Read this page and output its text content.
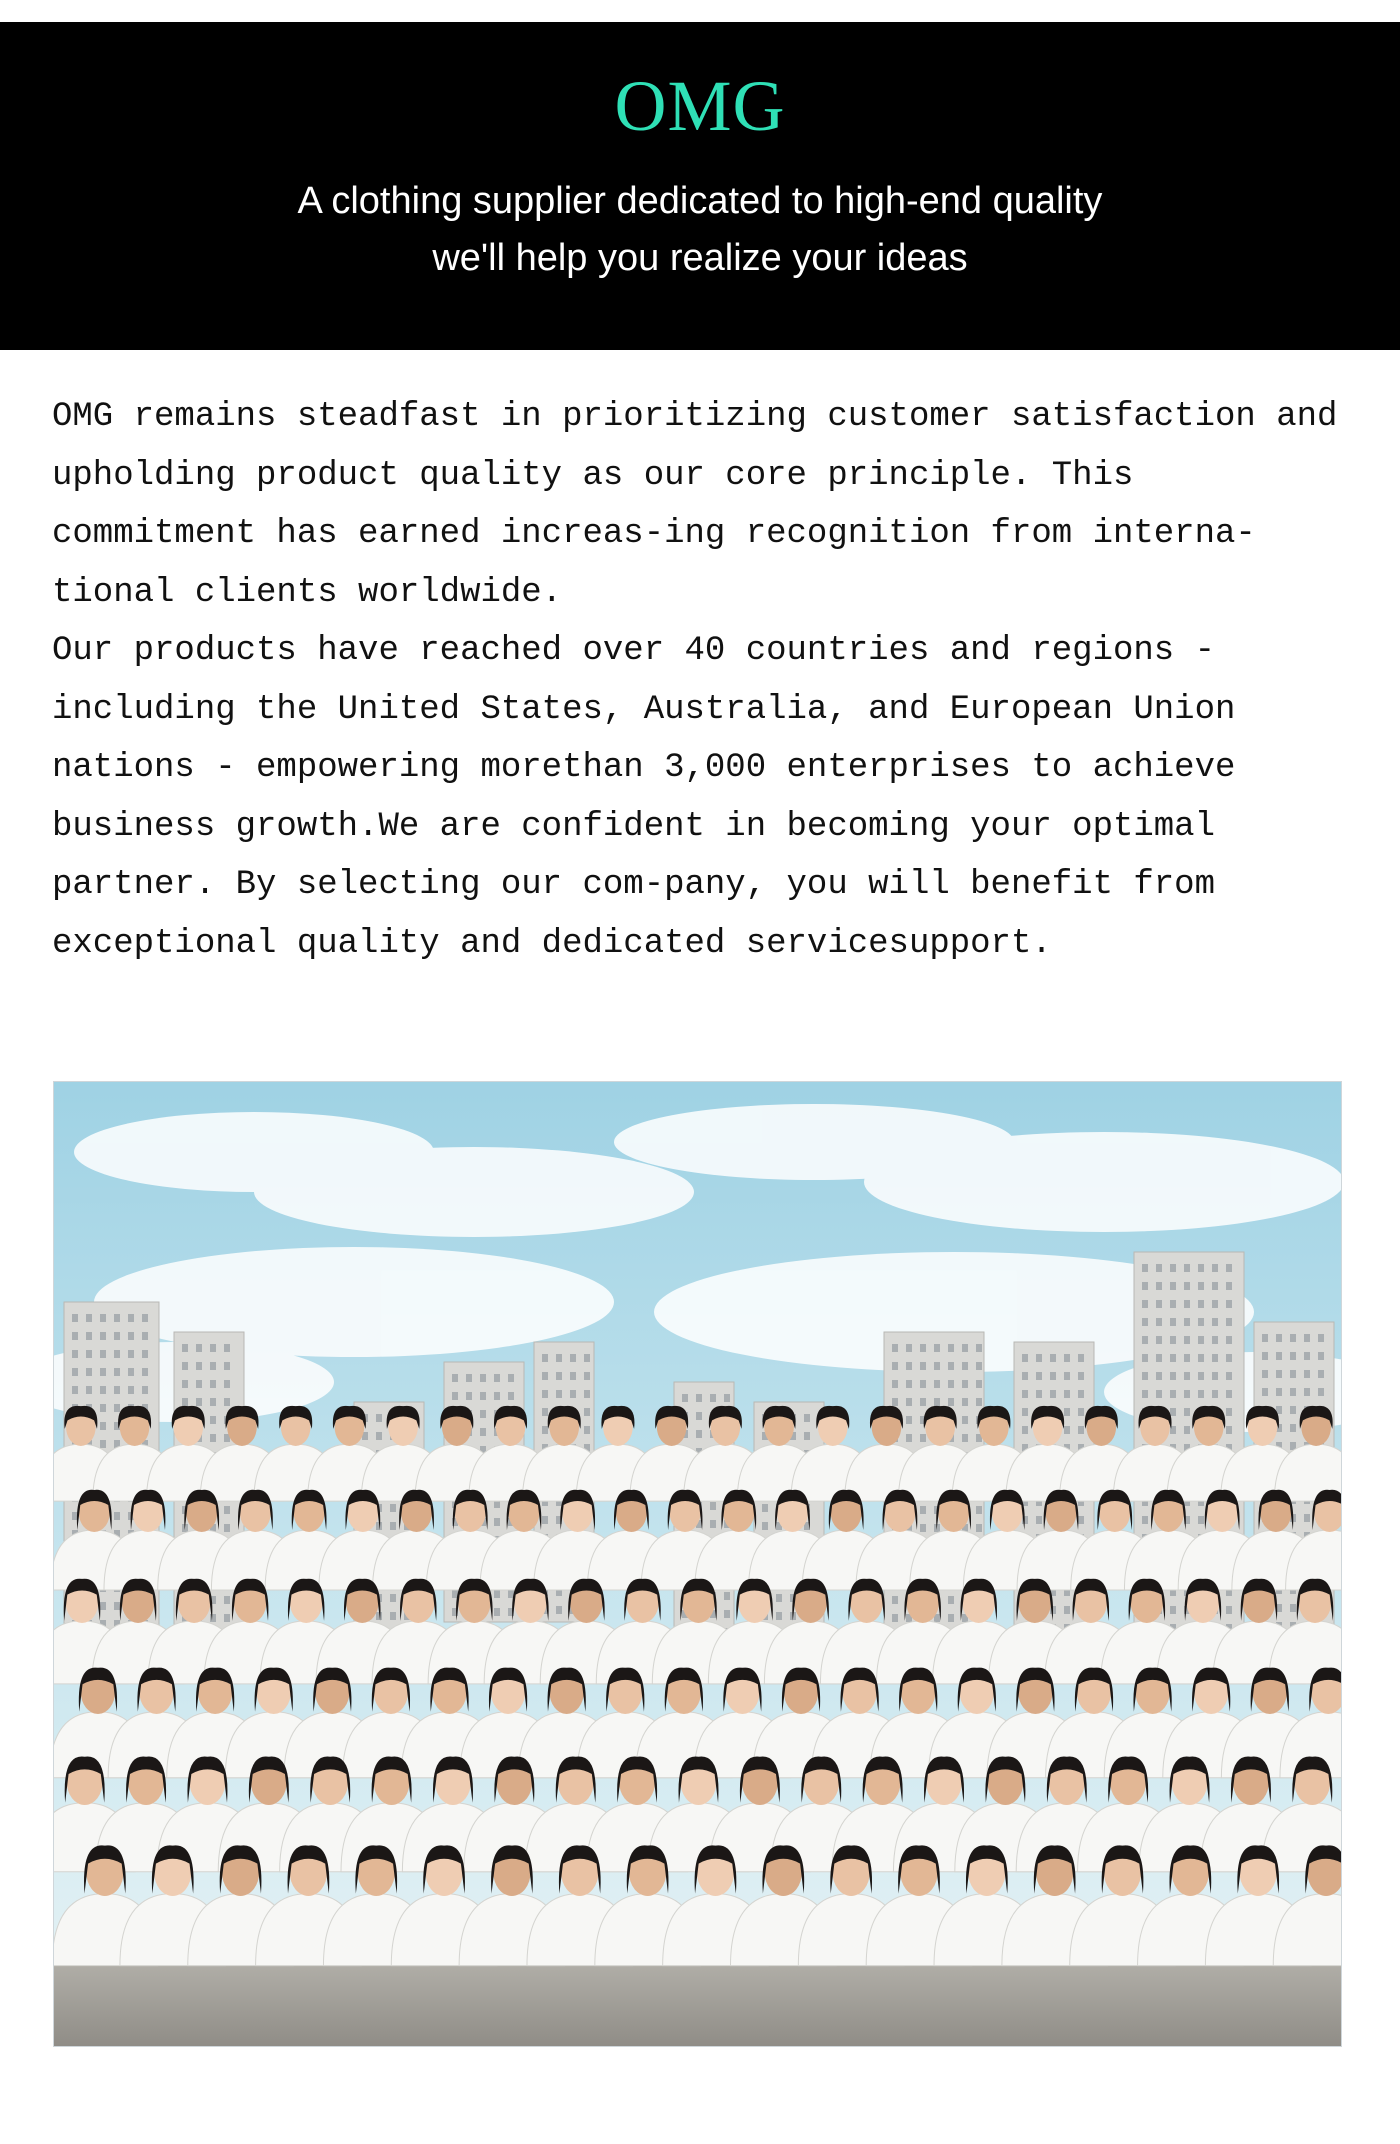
OMG
A clothing supplier dedicated to high-end quality
we'll help you realize your ideas

OMG remains steadfast in prioritizing customer satisfaction and upholding product quality as our core principle. This commitment has earned increas-ing recognition from interna-tional clients worldwide.

Our products have reached over 40 countries and regions - including the United States, Australia, and European Union nations - empowering morethan 3,000 enterprises to achieve business growth.We are confident in becoming your optimal partner. By selecting our com-pany, you will benefit from exceptional quality and dedicated servicesupport.
